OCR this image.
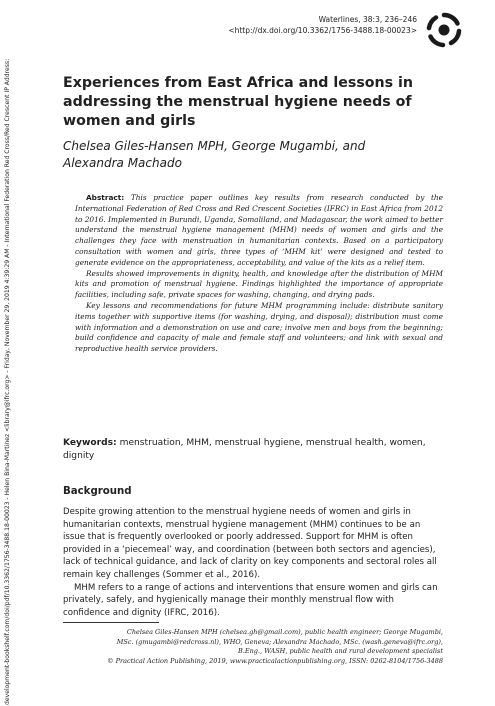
development-bookshelf.com/doi/pdf/10.3362/1756-3488.18-00023 - Helen Bina-Martinez <library@ifrc.org> - Friday, November 29, 2019 4:39:29 AM - International Federation Red Cross/Red Crescent IP Address:
Waterlines, 38:3, 236–246
<http://dx.doi.org/10.3362/1756-3488.18-00023>
Experiences from East Africa and lessons in addressing the menstrual hygiene needs of women and girls

Chelsea Giles-Hansen MPH, George Mugambi, and Alexandra Machado

Abstract: This practice paper outlines key results from research conducted by the International Federation of Red Cross and Red Crescent Societies (IFRC) in East Africa from 2012 to 2016. Implemented in Burundi, Uganda, Somaliland, and Madagascar, the work aimed to better understand the menstrual hygiene management (MHM) needs of women and girls and the challenges they face with menstruation in humanitarian contexts. Based on a participatory consultation with women and girls, three types of ‘MHM kit’ were designed and tested to generate evidence on the appropriateness, acceptability, and value of the kits as a relief item.

Results showed improvements in dignity, health, and knowledge after the distribution of MHM kits and promotion of menstrual hygiene. Findings highlighted the importance of appropriate facilities, including safe, private spaces for washing, changing, and drying pads.

Key lessons and recommendations for future MHM programming include: distribute sanitary items together with supportive items (for washing, drying, and disposal); distribution must come with information and a demonstration on use and care; involve men and boys from the beginning; build confidence and capacity of male and female staff and volunteers; and link with sexual and reproductive health service providers.

Keywords: menstruation, MHM, menstrual hygiene, menstrual health, women, dignity
Background

Despite growing attention to the menstrual hygiene needs of women and girls in humanitarian contexts, menstrual hygiene management (MHM) continues to be an issue that is frequently overlooked or poorly addressed. Support for MHM is often provided in a ‘piecemeal’ way, and coordination (between both sectors and agencies), lack of technical guidance, and lack of clarity on key components and sectoral roles all remain key challenges (Sommer et al., 2016).

MHM refers to a range of actions and interventions that ensure women and girls can privately, safely, and hygienically manage their monthly menstrual flow with confidence and dignity (IFRC, 2016).

Chelsea Giles-Hansen MPH (chelsea.gh@gmail.com), public health engineer; George Mugambi,
MSc. (gmugambi@redcross.nl), WHO, Geneva; Alexandra Machado, MSc. (wash.geneva@ifrc.org),
B.Eng., WASH, public health and rural development specialist
© Practical Action Publishing, 2019, www.practicalactionpublishing.org, ISSN: 0262-8104/1756-3488
